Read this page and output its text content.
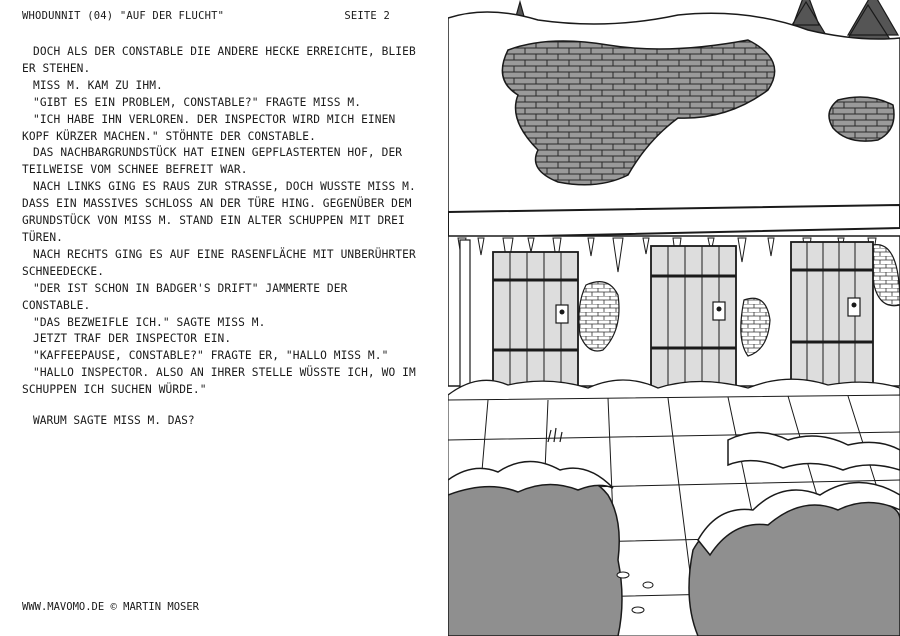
WHODUNNIT (04) "AUF DER FLUCHT"	SEITE 2

DOCH ALS DER CONSTABLE DIE ANDERE HECKE ERREICHTE, BLIEB ER STEHEN.

MISS M. KAM ZU IHM.

"GIBT ES EIN PROBLEM, CONSTABLE?" FRAGTE MISS M.

"ICH HABE IHN VERLOREN. DER INSPECTOR WIRD MICH EINEN KOPF KÜRZER MACHEN." STÖHNTE DER CONSTABLE.

DAS NACHBARGRUNDSTÜCK HAT EINEN GEPFLASTERTEN HOF, DER TEILWEISE VOM SCHNEE BEFREIT WAR.

NACH LINKS GING ES RAUS ZUR STRASSE, DOCH WUSSTE MISS M. DASS EIN MASSIVES SCHLOSS AN DER TÜRE HING. GEGENÜBER DEM GRUNDSTÜCK VON MISS M. STAND EIN ALTER SCHUPPEN MIT DREI TÜREN.

NACH RECHTS GING ES AUF EINE RASENFLÄCHE MIT UNBERÜHRTER SCHNEEDECKE.

"DER IST SCHON IN BADGER'S DRIFT" JAMMERTE DER CONSTABLE.

"DAS BEZWEIFLE ICH." SAGTE MISS M.

JETZT TRAF DER INSPECTOR EIN.

"KAFFEEPAUSE, CONSTABLE?" FRAGTE ER, "HALLO MISS M."

"HALLO INSPECTOR. ALSO AN IHRER STELLE WÜSSTE ICH, WO IM SCHUPPEN ICH SUCHEN WÜRDE."

WARUM SAGTE MISS M. DAS?
WWW.MAVOMO.DE © MARTIN MOSER
